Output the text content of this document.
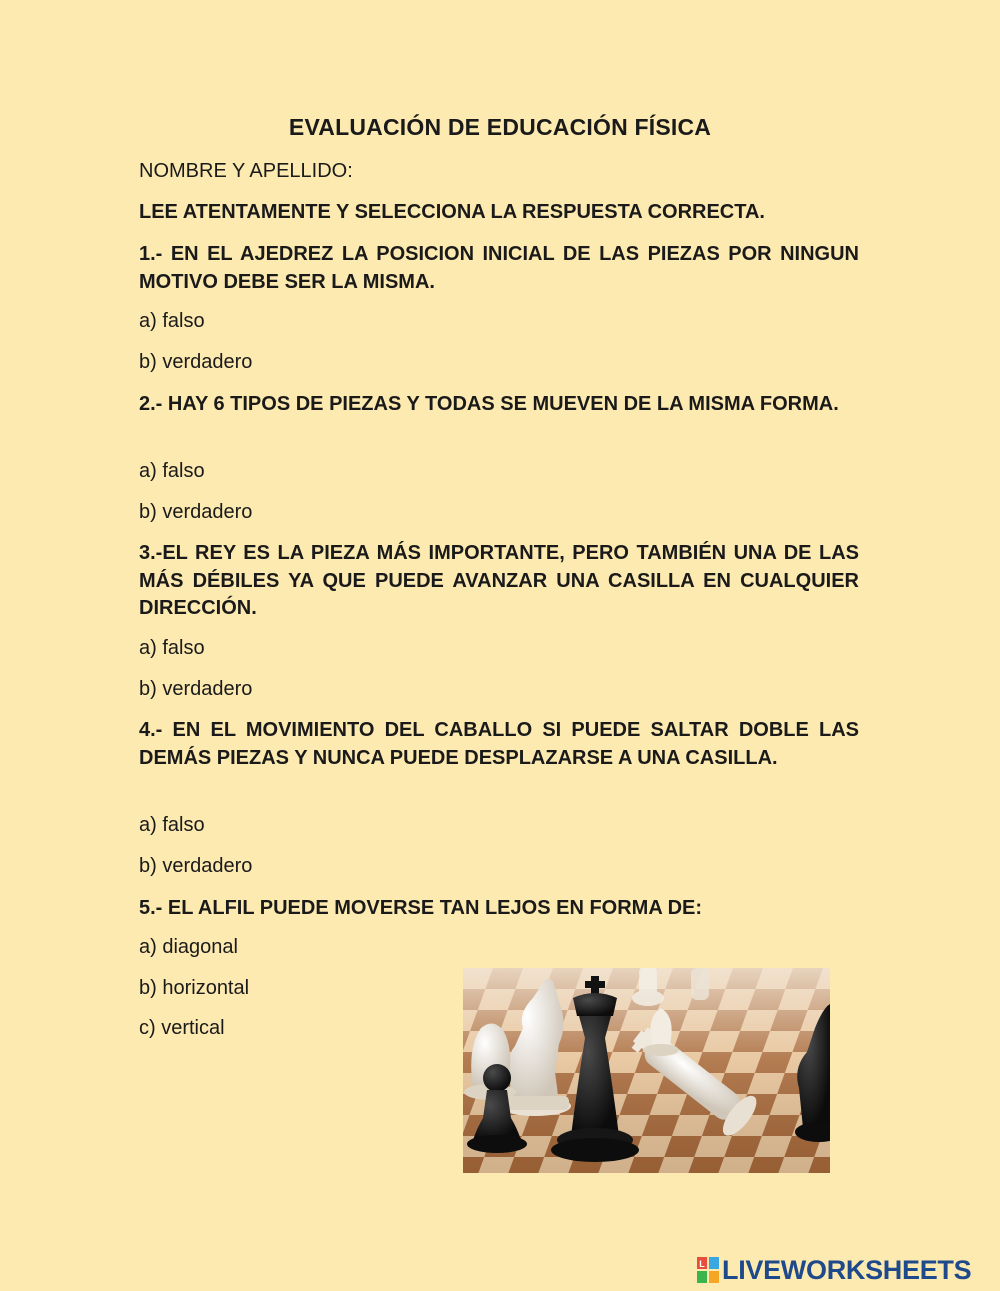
EVALUACIÓN DE EDUCACIÓN FÍSICA
NOMBRE Y APELLIDO:
LEE ATENTAMENTE Y SELECCIONA LA RESPUESTA CORRECTA.
1.- EN EL AJEDREZ LA POSICION INICIAL DE LAS PIEZAS POR NINGUN MOTIVO DEBE SER LA MISMA.
a) falso
b) verdadero
2.- HAY 6 TIPOS DE PIEZAS Y TODAS SE MUEVEN DE LA MISMA FORMA.
a) falso
b) verdadero
3.-EL REY ES LA PIEZA MÁS IMPORTANTE, PERO TAMBIÉN UNA DE LAS MÁS DÉBILES YA QUE PUEDE AVANZAR UNA CASILLA EN CUALQUIER DIRECCIÓN.
a) falso
b) verdadero
4.- EN EL MOVIMIENTO DEL CABALLO SI PUEDE SALTAR DOBLE LAS DEMÁS PIEZAS Y NUNCA PUEDE DESPLAZARSE A UNA CASILLA.
a) falso
b) verdadero
5.- EL ALFIL PUEDE MOVERSE TAN LEJOS EN FORMA DE:
a) diagonal
b) horizontal
c) vertical
L LIVEWORKSHEETS
